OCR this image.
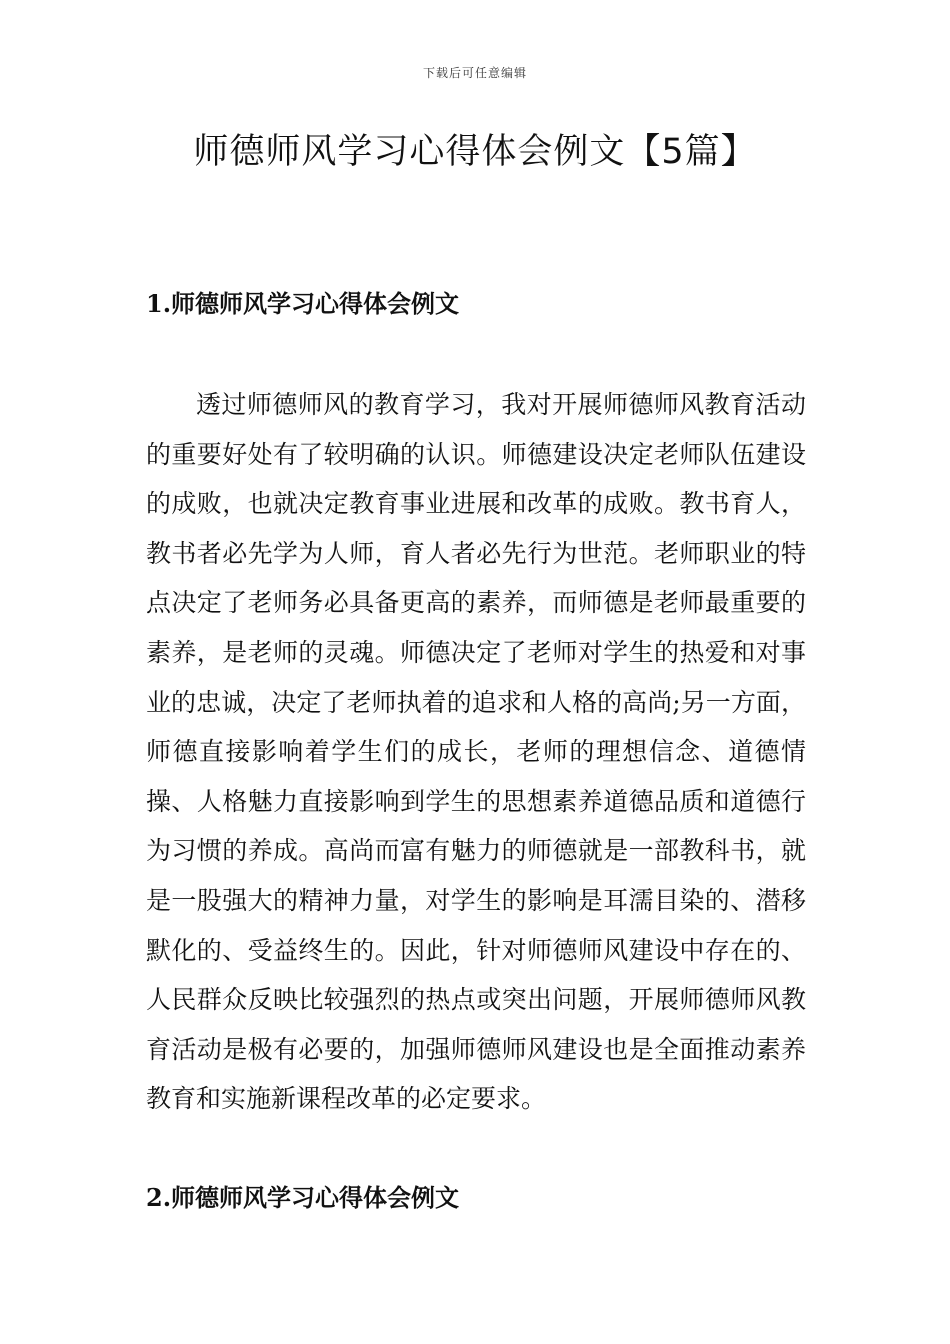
下载后可任意编辑
师德师风学习心得体会例文【5篇】
1.师德师风学习心得体会例文

透过师德师风的教育学习，我对开展师德师风教育活动的重要好处有了较明确的认识。师德建设决定老师队伍建设的成败，也就决定教育事业进展和改革的成败。教书育人，教书者必先学为人师，育人者必先行为世范。老师职业的特点决定了老师务必具备更高的素养，而师德是老师最重要的素养，是老师的灵魂。师德决定了老师对学生的热爱和对事业的忠诚，决定了老师执着的追求和人格的高尚;另一方面，师德直接影响着学生们的成长，老师的理想信念、道德情操、人格魅力直接影响到学生的思想素养道德品质和道德行为习惯的养成。高尚而富有魅力的师德就是一部教科书，就是一股强大的精神力量，对学生的影响是耳濡目染的、潜移默化的、受益终生的。因此，针对师德师风建设中存在的、人民群众反映比较强烈的热点或突出问题，开展师德师风教育活动是极有必要的，加强师德师风建设也是全面推动素养教育和实施新课程改革的必定要求。

2.师德师风学习心得体会例文
